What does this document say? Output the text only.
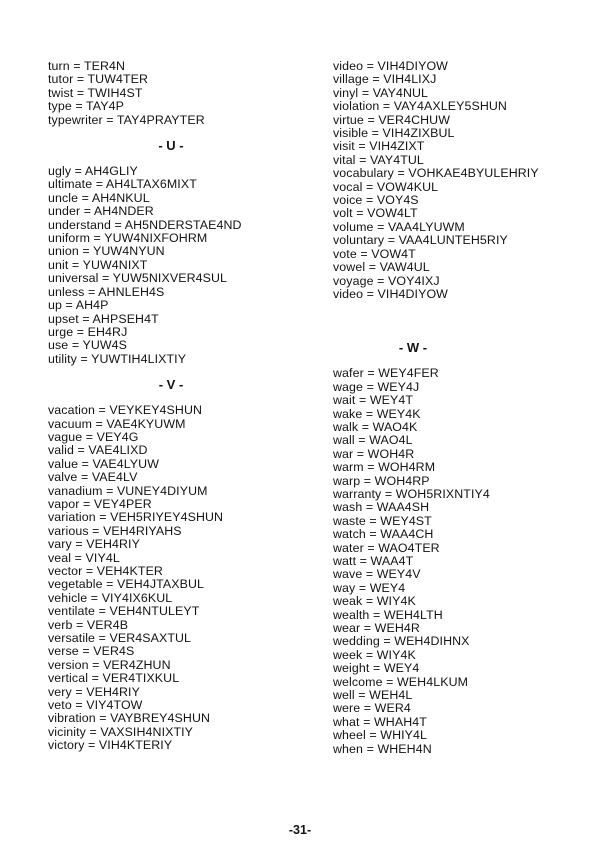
turn = TER4N
tutor = TUW4TER
twist = TWIH4ST
type = TAY4P
typewriter = TAY4PRAYTER
- U -
ugly = AH4GLIY
ultimate = AH4LTAX6MIXT
uncle = AH4NKUL
under = AH4NDER
understand = AH5NDERSTAE4ND
uniform = YUW4NIXFOHRM
union = YUW4NYUN
unit = YUW4NIXT
universal = YUW5NIXVER4SUL
unless = AHNLEH4S
up = AH4P
upset = AHPSEH4T
urge = EH4RJ
use = YUW4S
utility = YUWTIH4LIXTIY
- V -
vacation = VEYKEY4SHUN
vacuum = VAE4KYUWM
vague = VEY4G
valid = VAE4LIXD
value = VAE4LYUW
valve = VAE4LV
vanadium = VUNEY4DIYUM
vapor = VEY4PER
variation = VEH5RIYEY4SHUN
various = VEH4RIYAHS
vary = VEH4RIY
veal = VIY4L
vector = VEH4KTER
vegetable = VEH4JTAXBUL
vehicle = VIY4IX6KUL
ventilate = VEH4NTULEYT
verb = VER4B
versatile = VER4SAXTUL
verse = VER4S
version = VER4ZHUN
vertical = VER4TIXKUL
very = VEH4RIY
veto = VIY4TOW
vibration = VAYBREY4SHUN
vicinity = VAXSIH4NIXTIY
victory = VIH4KTERIY
video = VIH4DIYOW
village = VIH4LIXJ
vinyl = VAY4NUL
violation = VAY4AXLEY5SHUN
virtue = VER4CHUW
visible = VIH4ZIXBUL
visit = VIH4ZIXT
vital = VAY4TUL
vocabulary = VOHKAE4BYULEHRIY
vocal = VOW4KUL
voice = VOY4S
volt = VOW4LT
volume = VAA4LYUWM
voluntary = VAA4LUNTEH5RIY
vote = VOW4T
vowel = VAW4UL
voyage = VOY4IXJ
video = VIH4DIYOW
- W -
wafer = WEY4FER
wage = WEY4J
wait = WEY4T
wake = WEY4K
walk = WAO4K
wall = WAO4L
war = WOH4R
warm = WOH4RM
warp = WOH4RP
warranty = WOH5RIXNTIY4
wash = WAA4SH
waste = WEY4ST
watch = WAA4CH
water = WAO4TER
watt = WAA4T
wave = WEY4V
way = WEY4
weak = WIY4K
wealth = WEH4LTH
wear = WEH4R
wedding = WEH4DIHNX
week = WIY4K
weight = WEY4
welcome = WEH4LKUM
well = WEH4L
were = WER4
what = WHAH4T
wheel = WHIY4L
when = WHEH4N
-31-
